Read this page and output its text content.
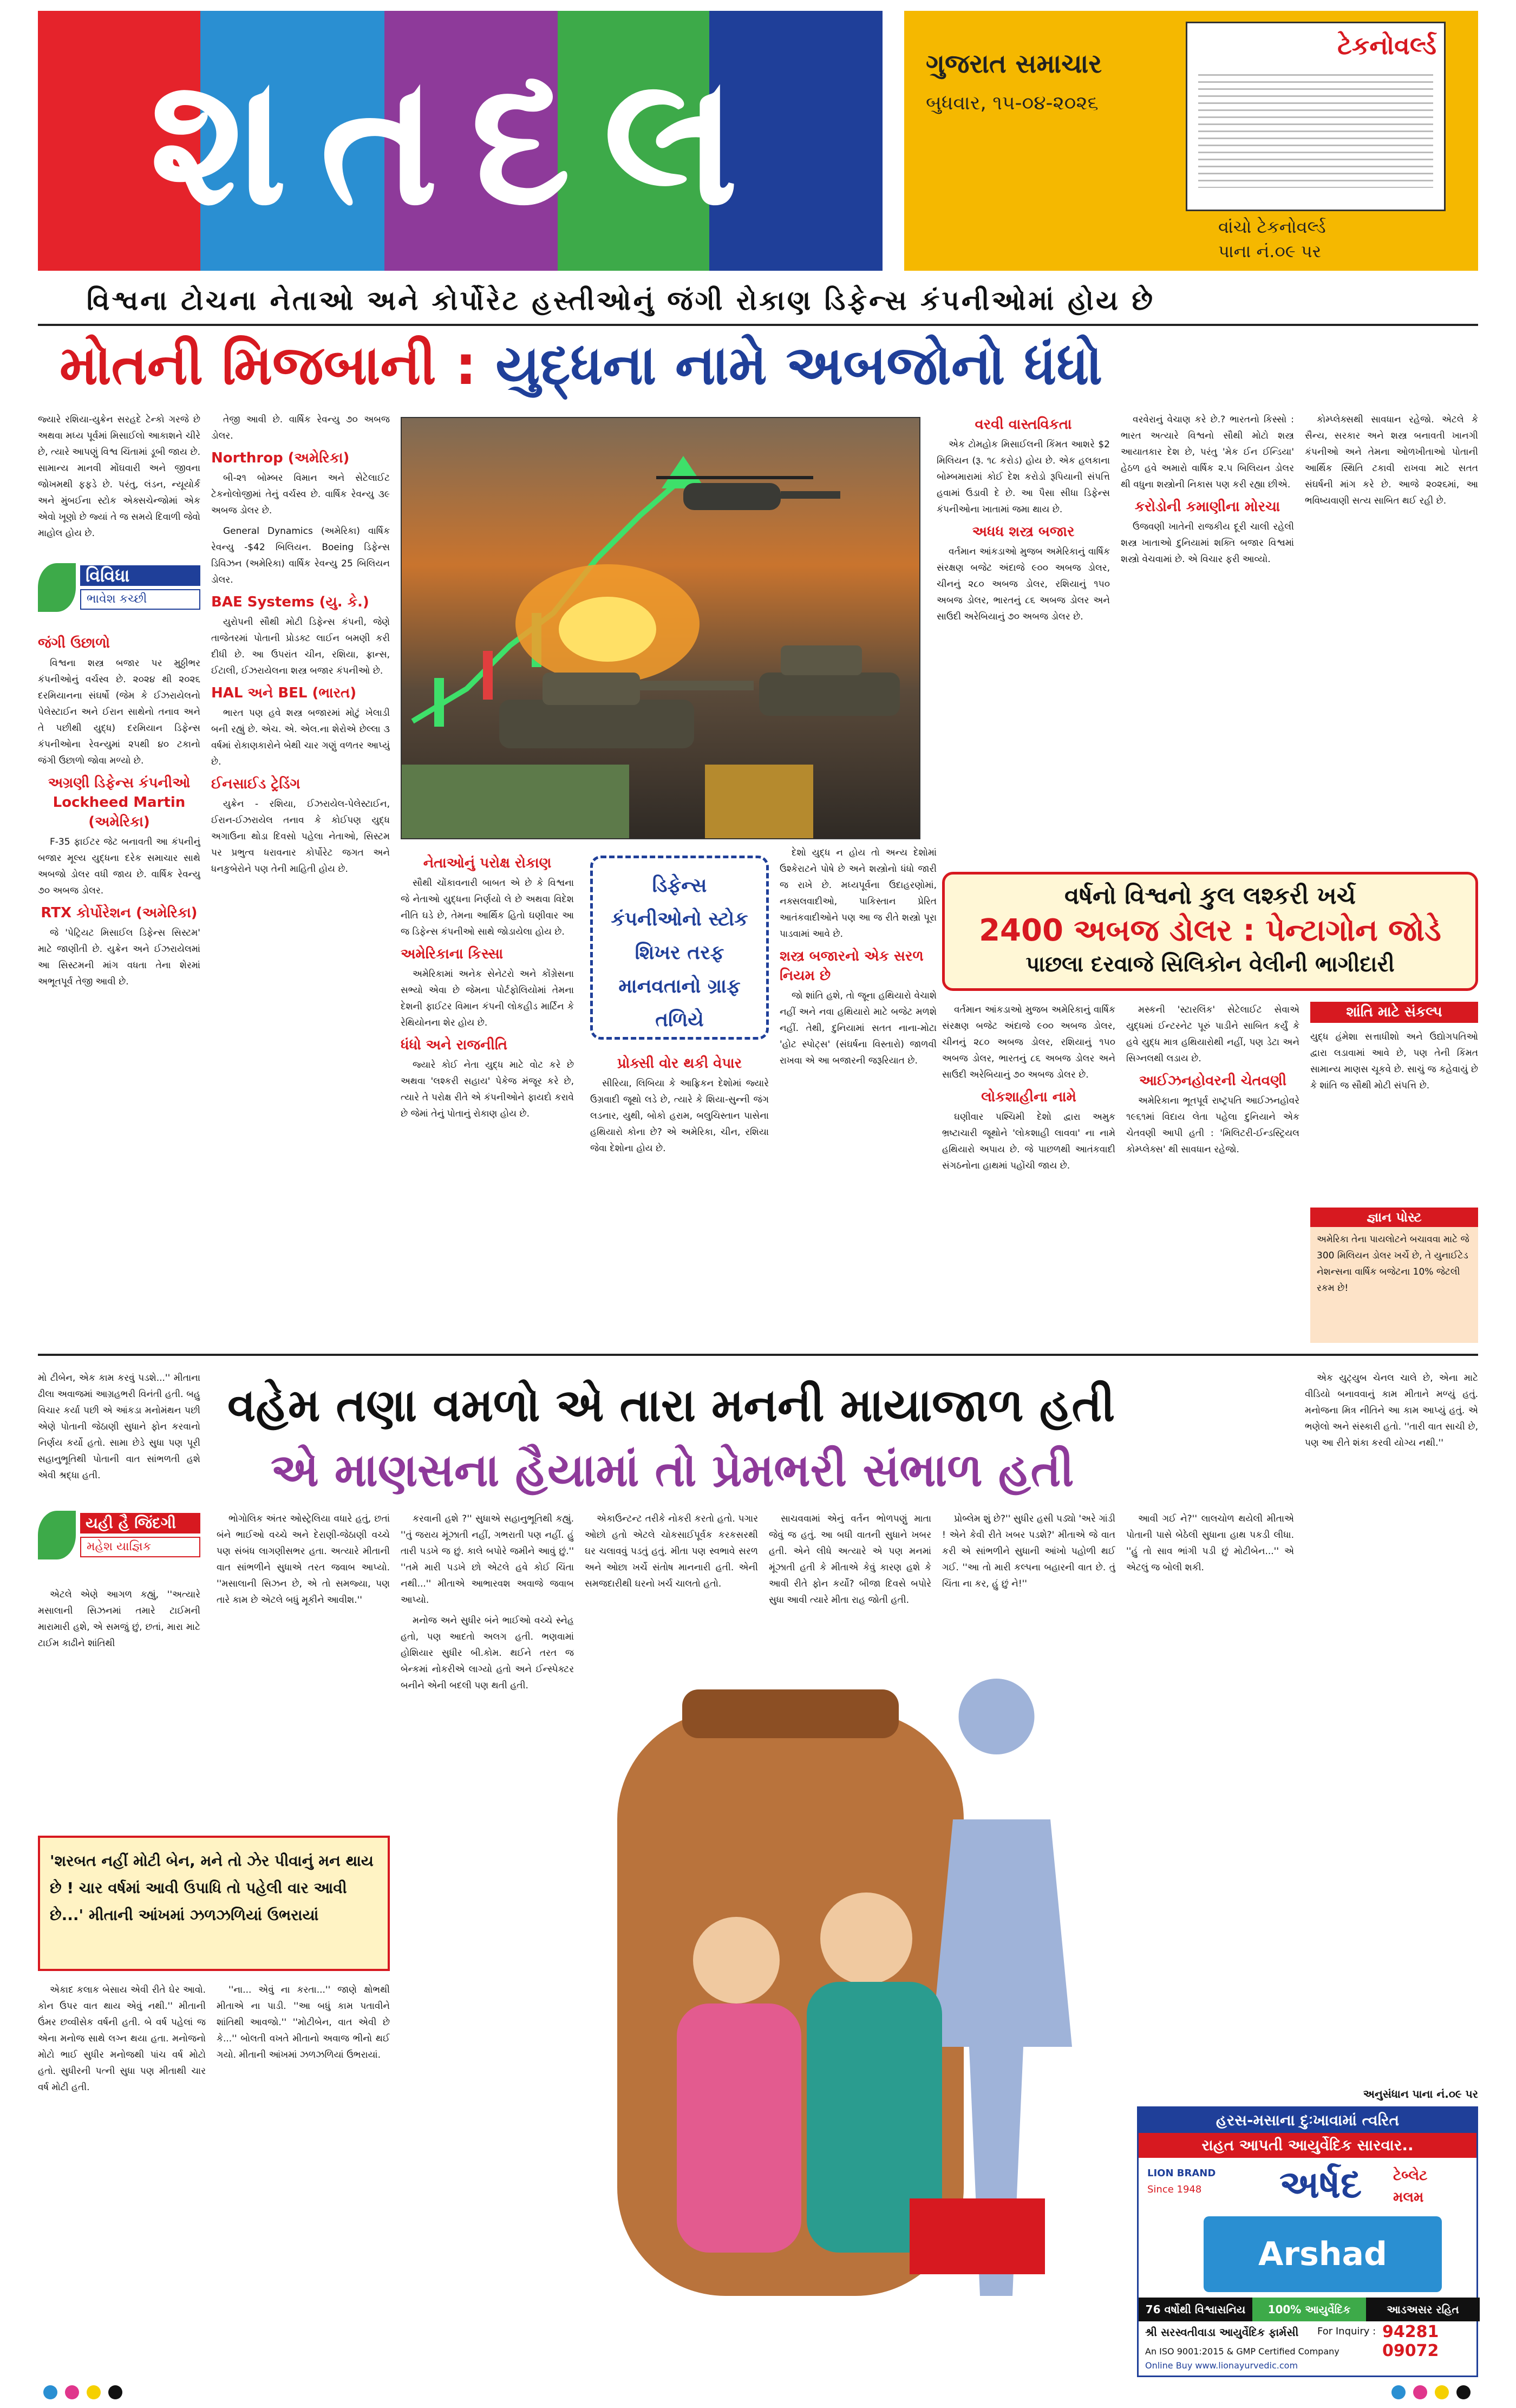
શતદલ	ગુજરાત સમાચાર
બુધવાર, ૧૫-૦૪-૨૦૨૬
ટેકનોવર્લ્ડ
વાંચો ટેકનોવર્લ્ડ
પાના નં.૦૯ પર
વિશ્વના ટોચના નેતાઓ અને કોર્પોરેટ હસ્તીઓનું જંગી રોકાણ ડિફેન્સ કંપનીઓમાં હોય છે
મોતની મિજબાની : યુદ્ધના નામે અબજોનો ધંધો

જ્યારે રશિયા-યુક્રેન સરહદે ટેન્કો ગરજે છે અથવા મધ્ય પૂર્વમાં મિસાઈલો આકાશને ચીરે છે, ત્યારે આપણું વિશ્વ ચિંતામાં ડૂબી જાય છે. સામાન્ય માનવી મોંઘવારી અને જીવના જોખમથી ફફડે છે. પરંતુ, લંડન, ન્યૂયોર્ક અને મુંબઈના સ્ટોક એક્સચેન્જોમાં એક એવો ખૂણો છે જ્યાં તે જ સમયે દિવાળી જેવો માહોલ હોય છે.

વિવિધા
ભાવેશ કચ્છી
જંગી ઉછાળો

વિશ્વના શસ્ત્ર બજાર પર મુઠ્ઠીભર કંપનીઓનું વર્ચસ્વ છે. ૨૦૨૪ થી ૨૦૨૬ દરમિયાનના સંઘર્ષો (જેમ કે ઈઝરાયેલનો પેલેસ્ટાઈન અને ઈરાન સાથેનો તનાવ અને તે પછીથી યુદ્ધ) દરમિયાન ડિફેન્સ કંપનીઓના રેવન્યુમાં ૨૫થી ૪૦ ટકાનો જંગી ઉછાળો જોવા મળ્યો છે.

અગ્રણી ડિફેન્સ કંપનીઓ Lockheed Martin (અમેરિકા)

F-35 ફાઈટર જેટ બનાવતી આ કંપનીનું બજાર મૂલ્ય યુદ્ધના દરેક સમાચાર સાથે અબજો ડોલર વધી જાય છે. વાર્ષિક રેવન્યુ ૭૦ અબજ ડોલર.

RTX કોર્પોરેશન (અમેરિકા)

જે 'પેટ્રિયટ મિસાઈલ ડિફેન્સ સિસ્ટમ' માટે જાણીતી છે. યુક્રેન અને ઈઝરાયેલમાં આ સિસ્ટમની માંગ વધતા તેના શેરમાં અભૂતપૂર્વ તેજી આવી છે.

તેજી આવી છે. વાર્ષિક રેવન્યુ ૭૦ અબજ ડોલર.

Northrop (અમેરિકા)

બી-૨૧ બોમ્બર વિમાન અને સેટેલાઈટ ટેકનોલોજીમાં તેનું વર્ચસ્વ છે. વાર્ષિક રેવન્યુ ૩૯ અબજ ડોલર છે.

General Dynamics (અમેરિકા) વાર્ષિક રેવન્યુ -$42 બિલિયન. Boeing ડિફેન્સ ડિવિઝન (અમેરિકા) વાર્ષિક રેવન્યુ 25 બિલિયન ડોલર.

BAE Systems (યુ. કે.)

યુરોપની સૌથી મોટી ડિફેન્સ કંપની, જેણે તાજેતરમાં પોતાની પ્રોડક્ટ લાઈન બમણી કરી દીધી છે. આ ઉપરાંત ચીન, રશિયા, ફ્રાન્સ, ઈટાલી, ઈઝરાયેલના શસ્ત્ર બજાર કંપનીઓ છે.

HAL અને BEL (ભારત)

ભારત પણ હવે શસ્ત્ર બજારમાં મોટું ખેલાડી બની રહ્યું છે. એચ. એ. એલ.ના શેરોએ છેલ્લા ૩ વર્ષમાં રોકાણકારોને બેથી ચાર ગણું વળતર આપ્યું છે.

ઈનસાઈડ ટ્રેડિંગ

યુક્રેન - રશિયા, ઈઝરાયેલ-પેલેસ્ટાઈન, ઈરાન-ઈઝરાયેલ તનાવ કે કોઈપણ યુદ્ધ અગાઉના થોડા દિવસો પહેલા નેતાઓ, સિસ્ટમ પર પ્રભુત્વ ધરાવનાર કોર્પોરેટ જગત અને ધનકુબેરોને પણ તેની માહિતી હોય છે.	નેતાઓનું પરોક્ષ રોકાણ

સૌથી ચોંકાવનારી બાબત એ છે કે વિશ્વના જે નેતાઓ યુદ્ધના નિર્ણયો લે છે અથવા વિદેશ નીતિ ઘડે છે, તેમના આર્થિક હિતો ઘણીવાર આ જ ડિફેન્સ કંપનીઓ સાથે જોડાયેલા હોય છે.

અમેરિકાના કિસ્સા

અમેરિકામાં અનેક સેનેટરો અને કોંગ્રેસના સભ્યો એવા છે જેમના પોર્ટફોલિયોમાં તેમના દેશની ફાઈટર વિમાન કંપની લોકહીડ માર્ટિન કે રેથિયોનના શેર હોય છે.

ધંધો અને રાજનીતિ

જ્યારે કોઈ નેતા યુદ્ધ માટે વોટ કરે છે અથવા 'લશ્કરી સહાય' પેકેજ મંજૂર કરે છે, ત્યારે તે પરોક્ષ રીતે એ કંપનીઓને ફાયદો કરાવે છે જેમાં તેનું પોતાનું રોકાણ હોય છે.

ડિફેન્સ કંપનીઓનો સ્ટોક શિખર તરફ માનવતાનો ગ્રાફ તળિયે
પ્રોક્સી વોર થકી વેપાર

સીરિયા, લિબિયા કે આફ્રિકન દેશોમાં જ્યારે ઉગ્રવાદી જૂથો લડે છે, ત્યારે કે શિયા-સુન્ની જંગ લડનાર, યુથી, બોકો હરામ, બલુચિસ્તાન પાસેના હથિયારો કોના છે? એ અમેરિકા, ચીન, રશિયા જેવા દેશોના હોય છે.

દેશો યુદ્ધ ન હોય તો અન્ય દેશોમાં ઉશ્કેરાટને પોષે છે અને શસ્ત્રોનો ધંધો જારી જ રાખે છે. મધ્યપૂર્વના ઉદાહરણોમાં, નક્સલવાદીઓ, પાકિસ્તાન પ્રેરિત આતંકવાદીઓને પણ આ જ રીતે શસ્ત્રો પૂરા પાડવામાં આવે છે.

શસ્ત્ર બજારનો એક સરળ નિયમ છે

જો શાંતિ હશે, તો જૂના હથિયારો વેચાશે નહીં અને નવા હથિયારો માટે બજેટ મળશે નહીં. તેથી, દુનિયામાં સતત નાના-મોટા 'હોટ સ્પોટ્સ' (સંઘર્ષના વિસ્તારો) જાળવી રાખવા એ આ બજારની જરૂરિયાત છે.

વરવી વાસ્તવિકતા

એક ટોમહોક મિસાઈલની કિંમત આશરે $2 મિલિયન (રૂ. ૧૮ કરોડ) હોય છે. એક હલકાના બોમ્બમારામાં કોઈ દેશ કરોડો રૂપિયાની સંપત્તિ હવામાં ઉડાવી દે છે. આ પૈસા સીધા ડિફેન્સ કંપનીઓના ખાતામાં જમા થાય છે.

અધધ શસ્ત્ર બજાર

વર્તમાન આંકડાઓ મુજબ અમેરિકાનું વાર્ષિક સંરક્ષણ બજેટ અંદાજે ૯૦૦ અબજ ડોલર, ચીનનું ૨૮૦ અબજ ડોલર, રશિયાનું ૧૫૦ અબજ ડોલર, ભારતનું ૮૬ અબજ ડોલર અને સાઉદી અરેબિયાનું ૭૦ અબજ ડોલર છે.

વરવેરાનું વેચાણ કરે છે.? ભારતનો કિસ્સો : ભારત અત્યારે વિશ્વનો સૌથી મોટો શસ્ત્ર આયાતકાર દેશ છે, પરંતુ 'મેક ઈન ઈન્ડિયા' હેઠળ હવે અમારો વાર્ષિક ૨.૫ બિલિયન ડોલર થી વધુના શસ્ત્રોની નિકાસ પણ કરી રહ્યા છીએ.

કરોડોની કમાણીના મોરચા

ઉજવણી ખાતેની રાજકીય દૂરી ચાલી રહેલી શસ્ત્ર ખાતાઓ દુનિયામાં શક્તિ બજાર વિશ્વમાં શસ્ત્રો વેચવામાં છે. એ વિચાર ફરી આવ્યો.

કોમ્પ્લેક્સથી સાવધાન રહેજો. એટલે કે સૈન્ય, સરકાર અને શસ્ત્ર બનાવતી ખાનગી કંપનીઓ અને તેમના ઓળખીતાઓ પોતાની આર્થિક સ્થિતિ ટકાવી રાખવા માટે સતત સંઘર્ષની માંગ કરે છે. આજે ૨૦૨૬માં, આ ભવિષ્યવાણી સત્ય સાબિત થઈ રહી છે.

વર્ષનો વિશ્વનો કુલ લશ્કરી ખર્ચ
2400 અબજ ડોલર : પેન્ટાગોન જોડે
પાછલા દરવાજે સિલિકોન વેલીની ભાગીદારી

વર્તમાન આંકડાઓ મુજબ અમેરિકાનું વાર્ષિક સંરક્ષણ બજેટ અંદાજે ૯૦૦ અબજ ડોલર, ચીનનું ૨૮૦ અબજ ડોલર, રશિયાનું ૧૫૦ અબજ ડોલર, ભારતનું ૮૬ અબજ ડોલર અને સાઉદી અરેબિયાનું ૭૦ અબજ ડોલર છે.

લોકશાહીના નામે

ઘણીવાર પશ્ચિમી દેશો દ્વારા અમુક ભ્રષ્ટાચારી જૂથોને 'લોકશાહી લાવવા' ના નામે હથિયારો અપાય છે. જે પાછળથી આતંકવાદી સંગઠનોના હાથમાં પહોંચી જાય છે.

મસ્કની 'સ્ટારલિંક' સેટેલાઈટ સેવાએ યુદ્ધમાં ઈન્ટરનેટ પૂરું પાડીને સાબિત કર્યું કે હવે યુદ્ધ માત્ર હથિયારોથી નહીં, પણ ડેટા અને સિગ્નલથી લડાય છે.

આઈઝનહોવરની ચેતવણી

અમેરિકાના ભૂતપૂર્વ રાષ્ટ્રપતિ આઈઝનહોવરે ૧૯૬૧માં વિદાય લેતા પહેલા દુનિયાને એક ચેતવણી આપી હતી : 'મિલિટરી-ઈન્ડસ્ટ્રિયલ કોમ્પ્લેક્સ' થી સાવધાન રહેજો.

શાંતિ માટે સંકલ્પ
યુદ્ધ હંમેશા સત્તાધીશો અને ઉદ્યોગપતિઓ દ્વારા લડાવામાં આવે છે, પણ તેની કિંમત સામાન્ય માણસ ચૂકવે છે. સાચું જ કહેવાયું છે કે શાંતિ જ સૌથી મોટી સંપત્તિ છે.
જ્ઞાન પોસ્ટ
અમેરિકા તેના પાયલોટને બચાવવા માટે જે 300 મિલિયન ડોલર ખર્ચે છે, તે યુનાઈટેડ નેશન્સના વાર્ષિક બજેટના 10% જેટલી રકમ છે!
વહેમ તણા વમળો એ તારા મનની માયાજાળ હતી
એ માણસના હૈયામાં તો પ્રેમભરી સંભાળ હતી

મો ટીબેન, એક કામ કરવું પડશે...'' મીતાના ઢીલા અવાજમાં આગ્રહભરી વિનંતી હતી. બહુ વિચાર કર્યા પછી એ આંકડા મનોમંથન પછી એણે પોતાની જેઠાણી સુધાને ફોન કરવાનો નિર્ણય કર્યો હતો. સામા છેડે સુધા પણ પૂરી સહાનુભૂતિથી પોતાની વાત સાંભળતી હશે એવી શ્રદ્ધા હતી.

યહી હૈ જિંદગી
મહેશ યાજ્ઞિક

એટલે એણે આગળ કહ્યું, ''અત્યારે મસાલાની સિઝનમાં તમારે ટાઈમની મારામારી હશે, એ સમજું છું, છતાં, મારા માટે ટાઈમ કાઢીને શાંતિથી

'શરબત નહીં મોટી બેન, મને તો ઝેર પીવાનું મન થાય છે ! ચાર વર્ષમાં આવી ઉપાધિ તો પહેલી વાર આવી છે...' મીતાની આંખમાં ઝળઝળિયાં ઉભરાયાં

એકાદ કલાક બેસાય એવી રીતે ઘેર આવો. કોન ઉપર વાત થાય એવું નથી.'' મીતાની ઉંમર છવ્વીસેક વર્ષની હતી. બે વર્ષ પહેલાં જ એના મનોજ સાથે લગ્ન થયા હતા. મનોજનો મોટો ભાઈ સુધીર મનોજથી પાંચ વર્ષ મોટો હતો. સુધીરની પત્ની સુધા પણ મીતાથી ચાર વર્ષ મોટી હતી.

ભોગોલિક અંતર ઓસ્ટ્રેલિયા વધારે હતું, છતાં બંને ભાઈઓ વચ્ચે અને દેરાણી-જેઠાણી વચ્ચે પણ સંબંધ લાગણીસભર હતા. અત્યારે મીતાની વાત સાંભળીને સુધાએ તરત જવાબ આપ્યો. ''મસાલાની સિઝન છે, એ તો સમજ્યા, પણ તારે કામ છે એટલે બધું મૂકીને આવીશ.''

''ના... એવું ના કરતા...'' જાણે ક્ષોભથી મીતાએ ના પાડી. ''આ બધું કામ પતાવીને શાંતિથી આવજો.'' ''મોટીબેન, વાત એવી છે કે...'' બોલતી વખતે મીતાનો અવાજ ભીનો થઈ ગયો. મીતાની આંખમાં ઝળઝળિયાં ઉભરાયાં.

કરવાની હશે ?'' સુધાએ સહાનુભૂતિથી કહ્યું. ''તું જરાય મૂંઝાતી નહીં, ગભરાતી પણ નહીં. હું તારી પડખે જ છું. કાલે બપોરે જમીને આવું છું.'' ''તમે મારી પડખે છો એટલે હવે કોઈ ચિંતા નથી...'' મીતાએ આભારવશ અવાજે જવાબ આપ્યો.

મનોજ અને સુધીર બંને ભાઈઓ વચ્ચે સ્નેહ હતો, પણ આદતો અલગ હતી. ભણવામાં હોશિયાર સુધીર બી.કોમ. થઈને તરત જ બેન્કમાં નોકરીએ લાગ્યો હતો અને ઈન્સ્પેક્ટર બનીને એની બદલી પણ થતી હતી.

એકાઉન્ટન્ટ તરીકે નોકરી કરતો હતો. પગાર ઓછો હતો એટલે ચોકસાઈપૂર્વક કરકસરથી ઘર ચલાવવું પડતું હતું. મીતા પણ સ્વભાવે સરળ અને ઓછા ખર્ચે સંતોષ માનનારી હતી. એની સમજદારીથી ઘરનો ખર્ચ ચાલતો હતો.

સાચવવામાં એનું વર્તન ભોળપણું માતા જેવું જ હતું. આ બધી વાતની સુધાને ખબર હતી. એને લીધે અત્યારે એ પણ મનમાં મૂંઝાતી હતી કે મીતાએ કેવું કારણ હશે કે આવી રીતે ફોન કર્યો? બીજા દિવસે બપોરે સુધા આવી ત્યારે મીતા રાહ જોતી હતી.

પ્રોબ્લેમ શું છે?'' સુધીર હસી પડ્યો 'અરે ગાંડી ! એને કેવી રીતે ખબર પડશે?' મીતાએ જે વાત કરી એ સાંભળીને સુધાની આંખો પહોળી થઈ ગઈ. ''આ તો મારી કલ્પના બહારની વાત છે. તું ચિંતા ના કર, હું છું ને!''

આવી ગઈ ને?'' લાલચોળ થયેલી મીતાએ પોતાની પાસે બેઠેલી સુધાના હાથ પકડી લીધા. ''હું તો સાવ ભાંગી પડી છું મોટીબેન...'' એ એટલું જ બોલી શકી.

એક યુટ્યુબ ચેનલ ચાલે છે, એના માટે વીડિયો બનાવવાનું કામ મીતાને મળ્યું હતું. મનોજના મિત્ર નીતિને આ કામ આપ્યું હતું. એ ભણેલો અને સંસ્કારી હતો. ''તારી વાત સાચી છે, પણ આ રીતે શંકા કરવી યોગ્ય નથી.''

અનુસંધાન પાના નં.૦૯ પર
હરસ-મસાના દુઃખાવામાં ત્વરિત
રાહત આપતી આયુર્વેદિક સારવાર..
LION BRAND
Since 1948 અર્ષદ ટેબ્લેટ
મલમ
Arshad
76 વર્ષોથી વિશ્વાસનિય	100% આયુર્વેદિક	આડઅસર રહિત
શ્રી સરસ્વતીવાડા આયુર્વેદિક ફાર્મસી For Inquiry : 94281 09072
An ISO 9001:2015 & GMP Certified Company
Online Buy www.lionayurvedic.com
